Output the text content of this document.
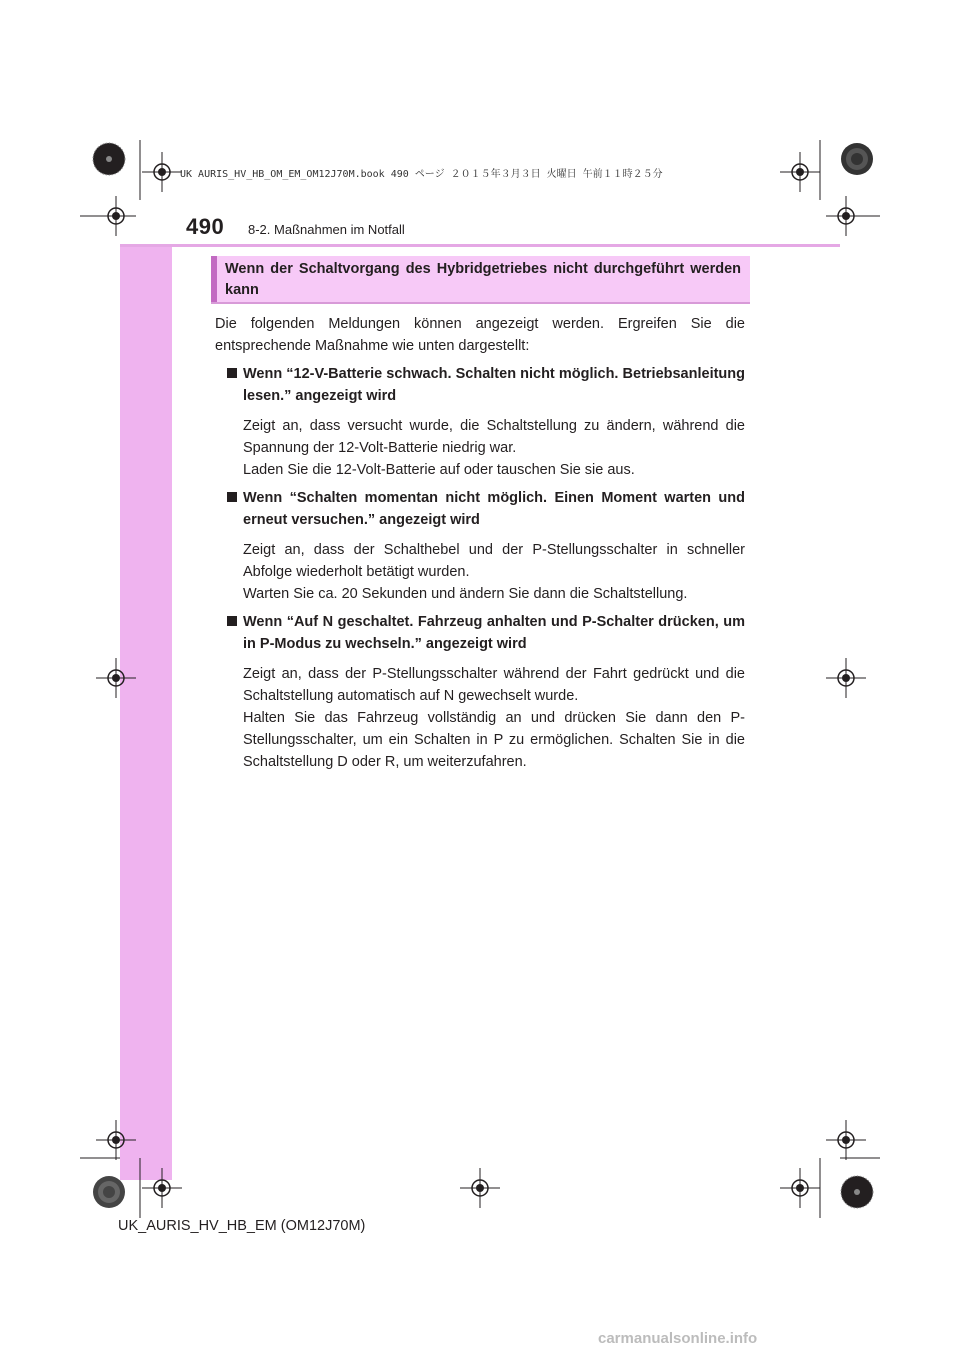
UK AURIS_HV_HB_OM_EM_OM12J70M.book 490 ページ ２０１５年３月３日 火曜日 午前１１時２５分
490 8-2. Maßnahmen im Notfall
Wenn der Schaltvorgang des Hybridgetriebes nicht durchgeführt werden kann

Die folgenden Meldungen können angezeigt werden. Ergreifen Sie die entsprechende Maßnahme wie unten dargestellt:

Wenn “12-V-Batterie schwach. Schalten nicht möglich. Betriebsanleitung lesen.” angezeigt wird

Zeigt an, dass versucht wurde, die Schaltstellung zu ändern, während die Spannung der 12-Volt-Batterie niedrig war.

Laden Sie die 12-Volt-Batterie auf oder tauschen Sie sie aus.

Wenn “Schalten momentan nicht möglich. Einen Moment warten und erneut versuchen.” angezeigt wird

Zeigt an, dass der Schalthebel und der P-Stellungsschalter in schneller Abfolge wiederholt betätigt wurden.

Warten Sie ca. 20 Sekunden und ändern Sie dann die Schaltstellung.

Wenn “Auf N geschaltet. Fahrzeug anhalten und P-Schalter drücken, um in P-Modus zu wechseln.” angezeigt wird

Zeigt an, dass der P-Stellungsschalter während der Fahrt gedrückt und die Schaltstellung automatisch auf N gewechselt wurde.

Halten Sie das Fahrzeug vollständig an und drücken Sie dann den P-Stellungsschalter, um ein Schalten in P zu ermöglichen. Schalten Sie in die Schaltstellung D oder R, um weiterzufahren.

UK_AURIS_HV_HB_EM (OM12J70M)
carmanualsonline.info
